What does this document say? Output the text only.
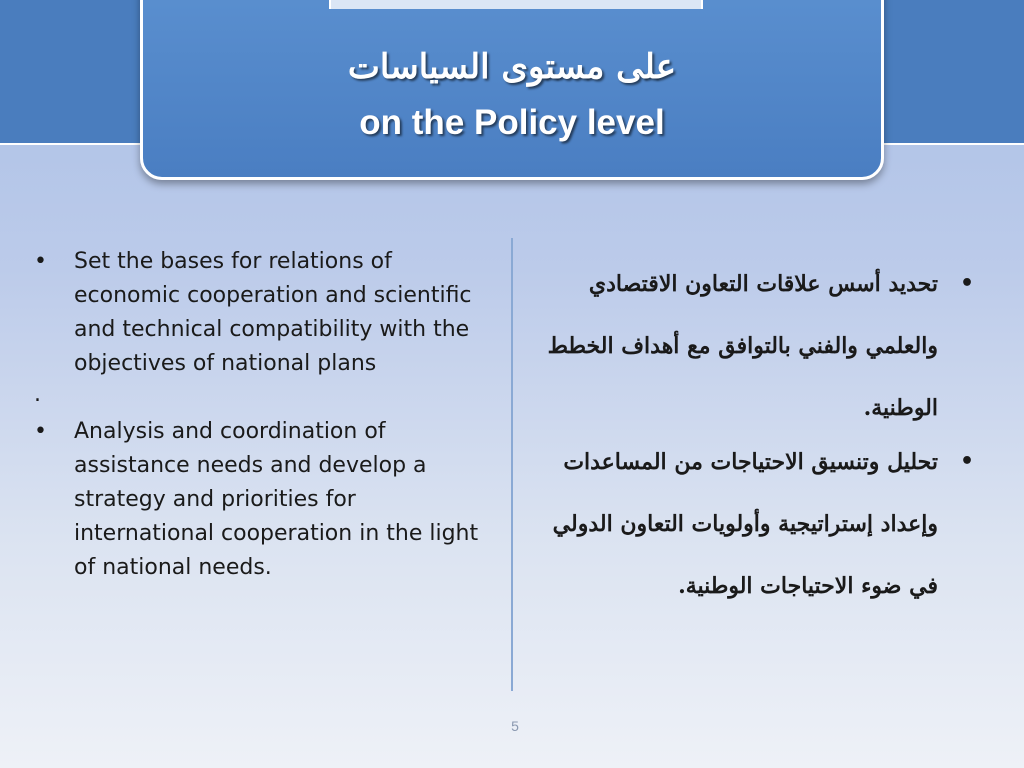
على مستوى السياسات
on the Policy level
• Set the bases for relations of economic cooperation and scientific and technical compatibility with the objectives of national plans
.
• Analysis and coordination of assistance needs and develop a strategy and priorities for international cooperation in the light of national needs.
•
تحديد أسس علاقات التعاون الاقتصادي والعلمي والفني بالتوافق مع أهداف الخطط الوطنية.
•
تحليل وتنسيق الاحتياجات من المساعدات وإعداد إستراتيجية وأولويات التعاون الدولي في ضوء الاحتياجات الوطنية.
5
